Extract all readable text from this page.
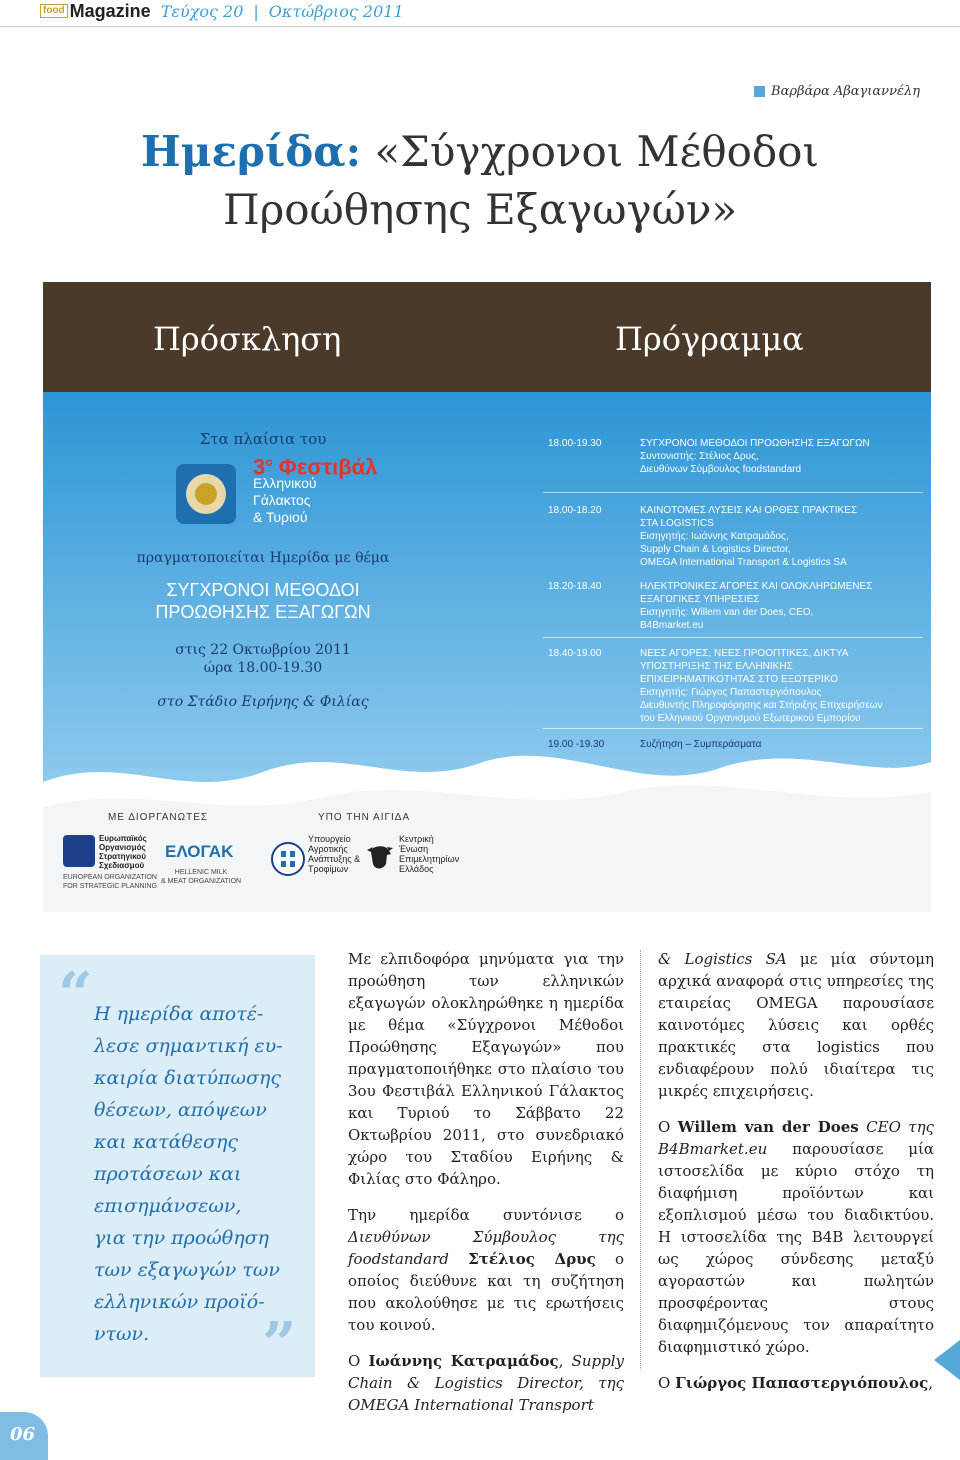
food Magazine Τεύχος 20 | Οκτώβριος 2011
Βαρβάρα Αβαγιαννέλη
Ημερίδα: «Σύγχρονοι Μέθοδοι
Προώθησης Εξαγωγών»
Πρόσκληση	Πρόγραμμα
Στα πλαίσια του
$3^o$ Φεστιβάλ
Ελληνικού
Γάλακτος
& Τυριού
πραγματοποιείται Ημερίδα με θέμα
ΣΥΓΧΡΟΝΟΙ ΜΕΘΟΔΟΙ
ΠΡΟΩΘΗΣΗΣ ΕΞΑΓΩΓΩΝ
στις 22 Οκτωβρίου 2011
ώρα 18.00-19.30
στο Στάδιο Ειρήνης & Φιλίας
18.00-19.30	ΣΥΓΧΡΟΝΟΙ ΜΕΘΟΔΟΙ ΠΡΟΩΘΗΣΗΣ ΕΞΑΓΩΓΩΝ
Συντονιστής: Στέλιος Δρυς,
Διευθύνων Σύμβουλος foodstandard
18.00-18.20	ΚΑΙΝΟΤΟΜΕΣ ΛΥΣΕΙΣ ΚΑΙ ΟΡΘΕΣ ΠΡΑΚΤΙΚΕΣ
ΣΤΑ LOGISTICS
Εισηγητής: Ιωάννης Κατραμάδος,
Supply Chain & Logistics Director,
OMEGA International Transport & Logistics SA
18.20-18.40	ΗΛΕΚΤΡΟΝΙΚΕΣ ΑΓΟΡΕΣ ΚΑΙ ΟΛΟΚΛΗΡΩΜΕΝΕΣ
ΕΞΑΓΩΓΙΚΕΣ ΥΠΗΡΕΣΙΕΣ
Εισηγητής: Willem van der Does, CEO,
B4Bmarket.eu
18.40-19.00	ΝΕΕΣ ΑΓΟΡΕΣ, ΝΕΕΣ ΠΡΟΟΠΤΙΚΕΣ, ΔΙΚΤΥΑ
ΥΠΟΣΤΗΡΙΞΗΣ ΤΗΣ ΕΛΛΗΝΙΚΗΣ
ΕΠΙΧΕΙΡΗΜΑΤΙΚΟΤΗΤΑΣ ΣΤΟ ΕΞΩΤΕΡΙΚΟ
Εισηγητής: Γιώργος Παπαστεργιόπουλος
Διευθυντής Πληροφόρησης και Στήριξης Επιχειρήσεων
του Ελληνικού Οργανισμού Εξωτερικού Εμπορίου
19.00 -19.30	Συζήτηση – Συμπεράσματα
ΜΕ ΔΙΟΡΓΑΝΩΤΕΣ	ΥΠΟ ΤΗΝ ΑΙΓΙΔΑ
Ευρωπαϊκός
Οργανισμός
Στρατηγικού
Σχεδιασμού
EUROPEAN ORGANIZATION
FOR STRATEGIC PLANNING
ΕΛΟΓΑΚ
HELLENIC MILK
& MEAT ORGANIZATION
Υπουργείο
Αγροτικής
Ανάπτυξης &
Τροφίμων
Κεντρική
Ένωση
Επιμελητηρίων
Ελλάδος
“ Η ημερίδα αποτέ-
λεσε σημαντική ευ-
καιρία διατύπωσης
θέσεων, απόψεων
και κατάθεσης
προτάσεων και
επισημάνσεων,
για την προώθηση
των εξαγωγών των
ελληνικών προϊό-
ντων.	”

Με ελπιδοφόρα μηνύματα για την προώθηση των ελληνικών εξαγωγών ολοκληρώθηκε η ημερίδα με θέμα «Σύγχρονοι Μέθοδοι Προώθησης Εξαγωγών» που πραγματοποιήθηκε στο πλαίσιο του 3ου Φεστιβάλ Ελληνικού Γάλακτος και Τυριού το Σάββατο 22 Οκτωβρίου 2011, στο συνεδριακό χώρο του Σταδίου Ειρήνης & Φιλίας στο Φάληρο.

Την ημερίδα συντόνισε ο Διευθύνων Σύμβουλος της foodstandard Στέλιος Δρυς ο οποίος διεύθυνε και τη συζήτηση που ακολούθησε με τις ερωτήσεις του κοινού.

Ο Ιωάννης Κατραμάδος, Supply Chain & Logistics Director, της OMEGA International Transport

& Logistics SA με μία σύντομη αρχικά αναφορά στις υπηρεσίες της εταιρείας OMEGA παρουσίασε καινοτόμες λύσεις και ορθές πρακτικές στα logistics που ενδιαφέρουν πολύ ιδιαίτερα τις μικρές επιχειρήσεις.

Ο Willem van der Does CEO της B4Bmarket.eu παρουσίασε μία ιστοσελίδα με κύριο στόχο τη διαφήμιση προϊόντων και εξοπλισμού μέσω του διαδικτύου. Η ιστοσελίδα της B4B λειτουργεί ως χώρος σύνδεσης μεταξύ αγοραστών και πωλητών προσφέροντας στους διαφημιζόμενους τον απαραίτητο διαφημιστικό χώρο.

Ο Γιώργος Παπαστεργιόπουλος,

06
